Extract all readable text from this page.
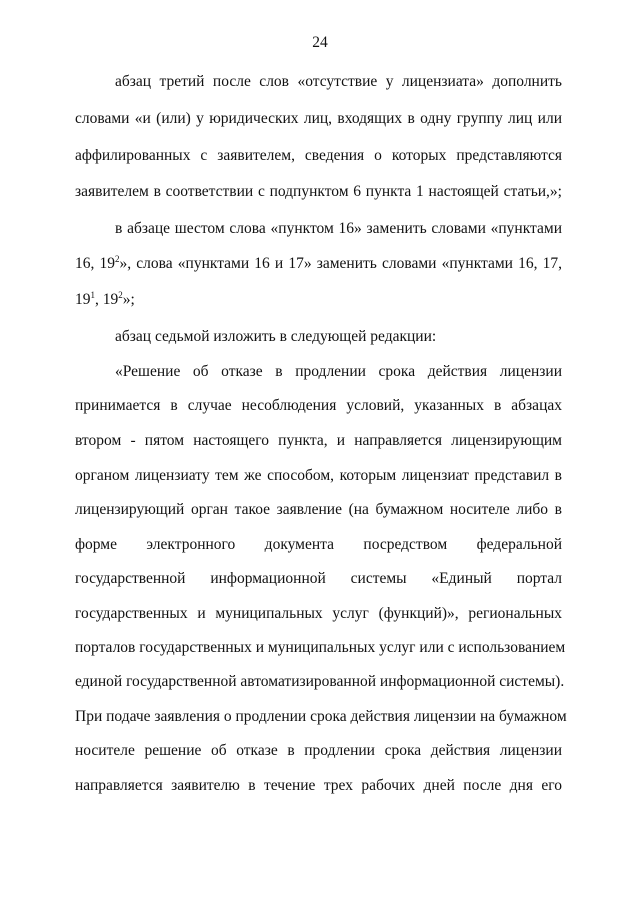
24
абзац третий после слов «отсутствие у лицензиата» дополнить
словами «и (или) у юридических лиц, входящих в одну группу лиц или
аффилированных с заявителем, сведения о которых представляются
заявителем в соответствии с подпунктом 6 пункта 1 настоящей статьи,»;
в абзаце шестом слова «пунктом 16» заменить словами «пунктами
16, $19^2$», слова «пунктами 16 и 17» заменить словами «пунктами 16, 17,
$19^1$, $19^2$»;
абзац седьмой изложить в следующей редакции:
«Решение об отказе в продлении срока действия лицензии
принимается в случае несоблюдения условий, указанных в абзацах
втором - пятом настоящего пункта, и направляется лицензирующим
органом лицензиату тем же способом, которым лицензиат представил в
лицензирующий орган такое заявление (на бумажном носителе либо в
форме электронного документа посредством федеральной
государственной информационной системы «Единый портал
государственных и муниципальных услуг (функций)», региональных
порталов государственных и муниципальных услуг или с использованием
единой государственной автоматизированной информационной системы).
При подаче заявления о продлении срока действия лицензии на бумажном
носителе решение об отказе в продлении срока действия лицензии
направляется заявителю в течение трех рабочих дней после дня его
